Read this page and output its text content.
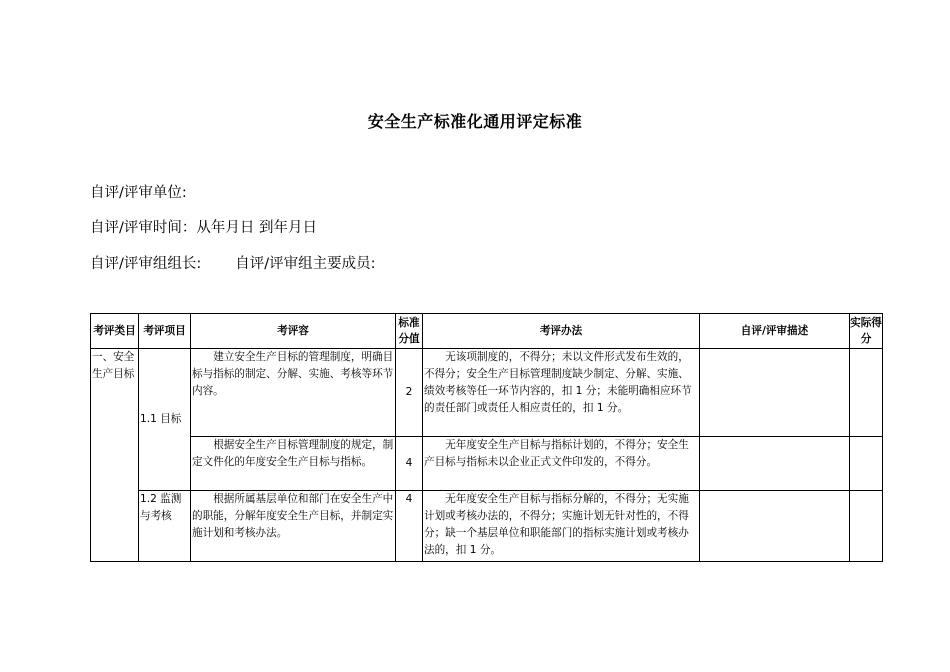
安全生产标准化通用评定标准
自评/评审单位:
自评/评审时间：从年月日 到年月日
自评/评审组组长: 自评/评审组主要成员:
考评类目	考评项目	考评容	标准分值	考评办法	自评/评审描述	实际得分
一、安全生产目标	1.1 目标	建立安全生产目标的管理制度，明确目标与指标的制定、分解、实施、考核等环节内容。	2	无该项制度的，不得分；未以文件形式发布生效的，不得分；安全生产目标管理制度缺少制定、分解、实施、绩效考核等任一环节内容的，扣 1 分；未能明确相应环节的责任部门或责任人相应责任的，扣 1 分。		
		根据安全生产目标管理制度的规定，制定文件化的年度安全生产目标与指标。	4	无年度安全生产目标与指标计划的，不得分；安全生产目标与指标未以企业正式文件印发的，不得分。		
	1.2 监测与考核	根据所属基层单位和部门在安全生产中的职能，分解年度安全生产目标，并制定实施计划和考核办法。	4	无年度安全生产目标与指标分解的，不得分；无实施计划或考核办法的，不得分；实施计划无针对性的，不得分；缺一个基层单位和职能部门的指标实施计划或考核办法的，扣 1 分。		
